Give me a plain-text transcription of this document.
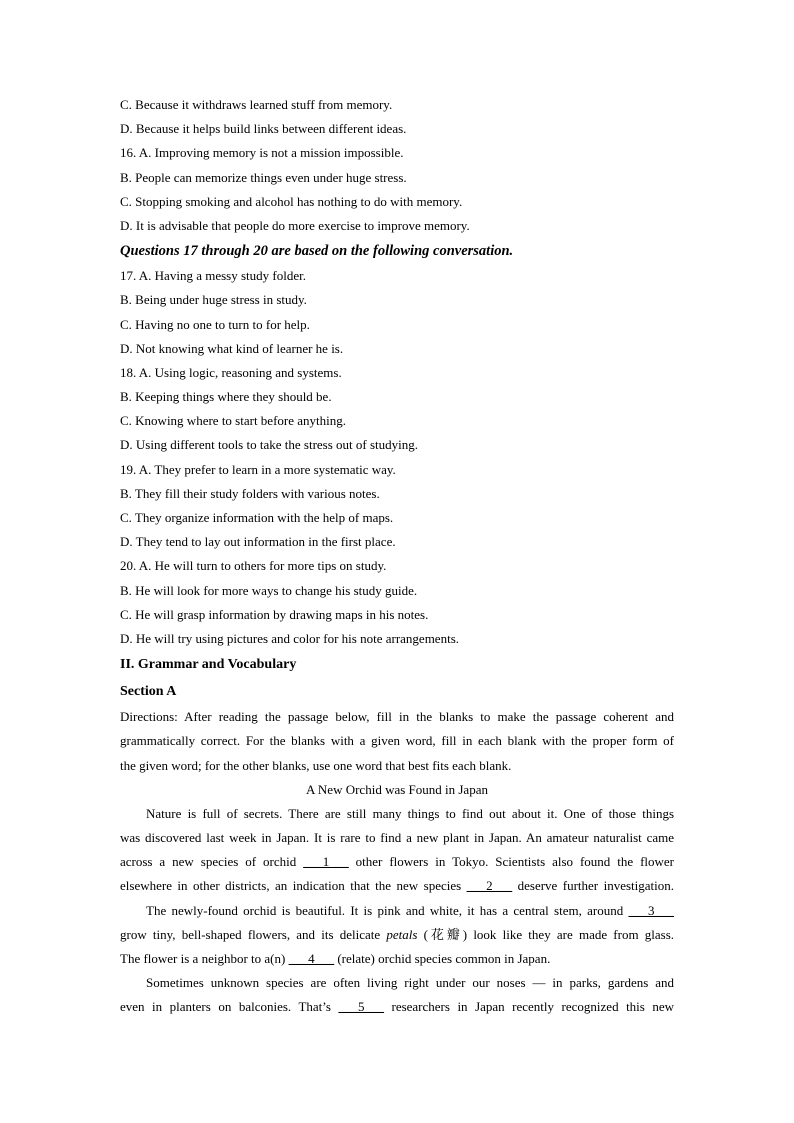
C. Because it withdraws learned stuff from memory.
D. Because it helps build links between different ideas.
16. A. Improving memory is not a mission impossible.
B. People can memorize things even under huge stress.
C. Stopping smoking and alcohol has nothing to do with memory.
D. It is advisable that people do more exercise to improve memory.
Questions 17 through 20 are based on the following conversation.
17. A. Having a messy study folder.
B. Being under huge stress in study.
C. Having no one to turn to for help.
D. Not knowing what kind of learner he is.
18. A. Using logic, reasoning and systems.
B. Keeping things where they should be.
C. Knowing where to start before anything.
D. Using different tools to take the stress out of studying.
19. A. They prefer to learn in a more systematic way.
B. They fill their study folders with various notes.
C. They organize information with the help of maps.
D. They tend to lay out information in the first place.
20. A. He will turn to others for more tips on study.
B. He will look for more ways to change his study guide.
C. He will grasp information by drawing maps in his notes.
D. He will try using pictures and color for his note arrangements.
II. Grammar and Vocabulary
Section A
Directions: After reading the passage below, fill in the blanks to make the passage coherent and
grammatically correct. For the blanks with a given word, fill in each blank with the proper form of
the given word; for the other blanks, use one word that best fits each blank.
A New Orchid was Found in Japan
Nature is full of secrets. There are still many things to find out about it. One of those things
was discovered last week in Japan. It is rare to find a new plant in Japan. An amateur naturalist came
across a new species of orchid ___1___ other flowers in Tokyo. Scientists also found the flower
elsewhere in other districts, an indication that the new species ___2___ deserve further investigation.
The newly-found orchid is beautiful. It is pink and white, it has a central stem, around ___3___
grow tiny, bell-shaped flowers, and its delicate petals (花瓣) look like they are made from glass.
The flower is a neighbor to a(n) ___4___ (relate) orchid species common in Japan.
Sometimes unknown species are often living right under our noses — in parks, gardens and
even in planters on balconies. That’s ___5___ researchers in Japan recently recognized this new
